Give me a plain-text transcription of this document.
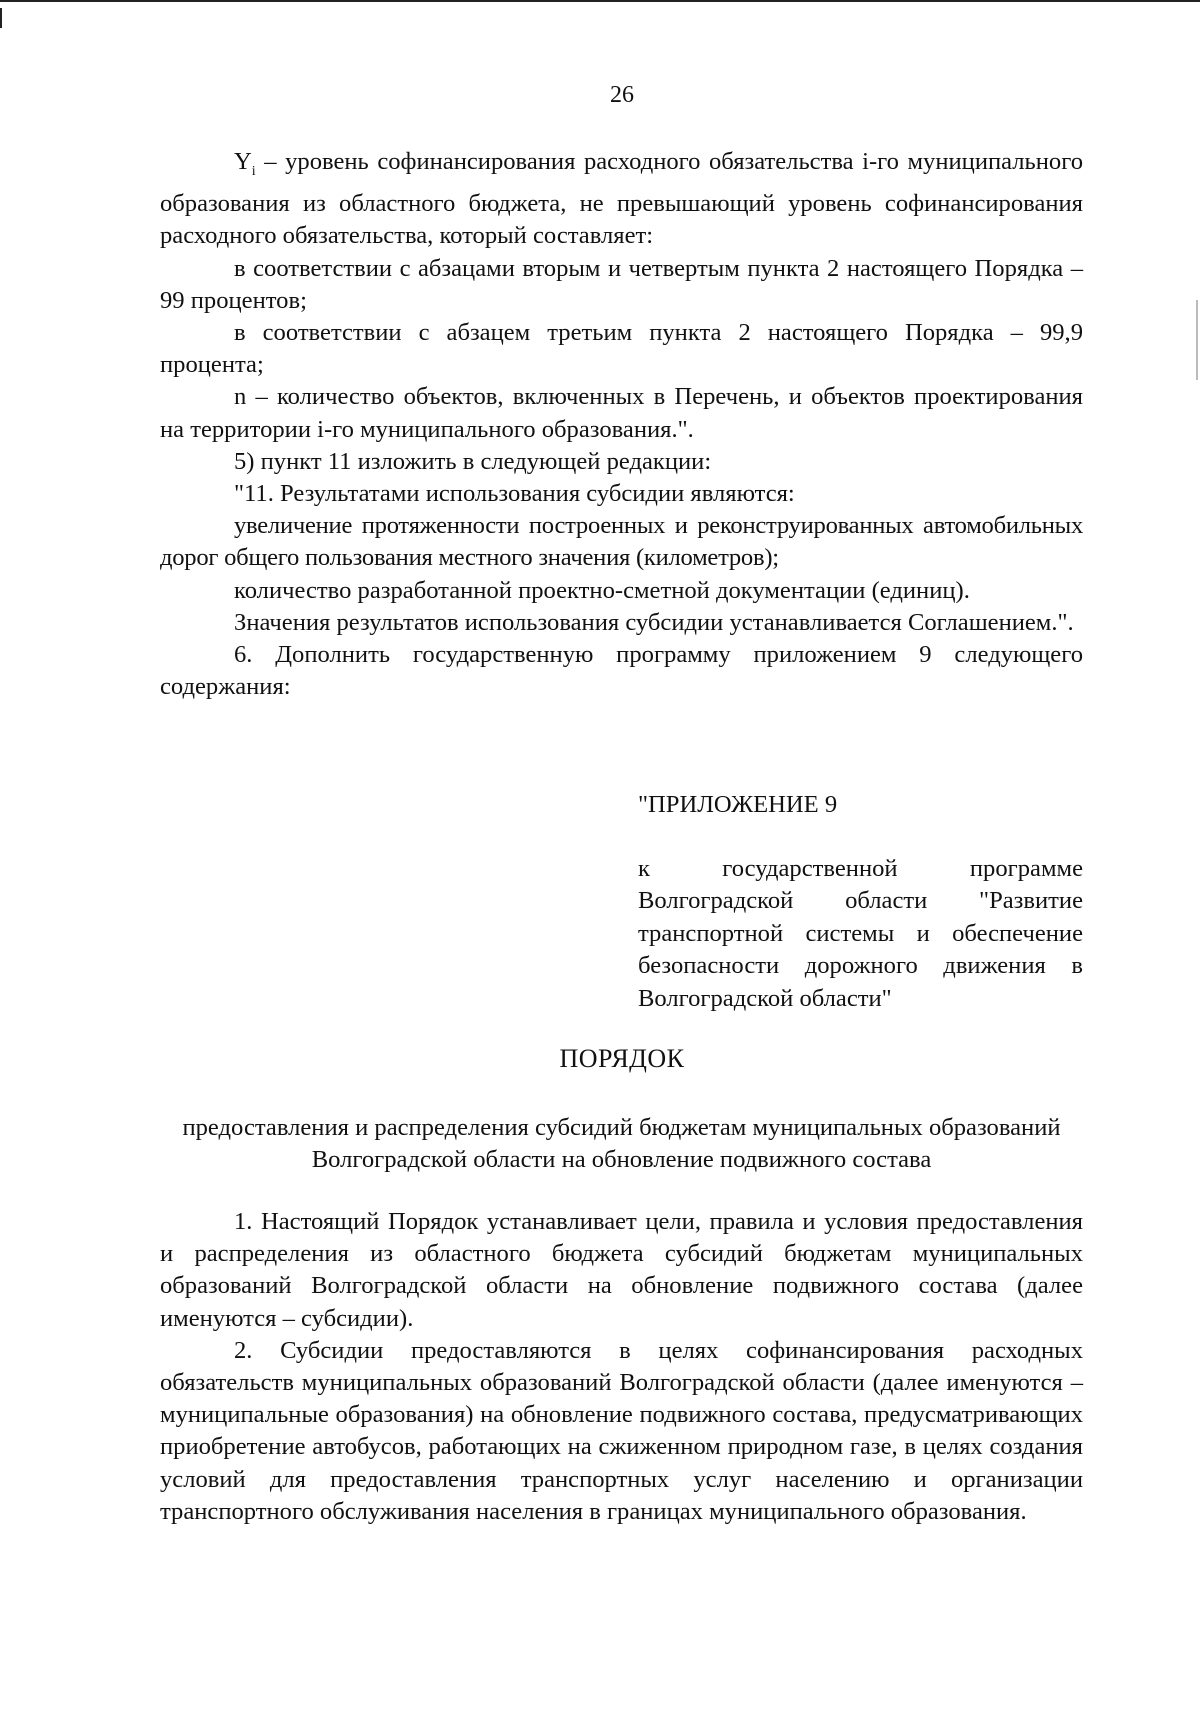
26

$Y_i$ – уровень софинансирования расходного обязательства i-го муниципального образования из областного бюджета, не превышающий уровень софинансирования расходного обязательства, который составляет:

в соответствии с абзацами вторым и четвертым пункта 2 настоящего Порядка – 99 процентов;

в соответствии с абзацем третьим пункта 2 настоящего Порядка – 99,9 процента;

n – количество объектов, включенных в Перечень, и объектов проектирования на территории i-го муниципального образования.".

5) пункт 11 изложить в следующей редакции:

"11. Результатами использования субсидии являются:

увеличение протяженности построенных и реконструированных автомобильных дорог общего пользования местного значения (километров);

количество разработанной проектно-сметной документации (единиц).

Значения результатов использования субсидии устанавливается Соглашением.".

6. Дополнить государственную программу приложением 9 следующего содержания:

"ПРИЛОЖЕНИЕ 9
к государственной программе Волгоградской области "Развитие транспортной системы и обеспечение безопасности дорожного движения в Волгоградской области"
ПОРЯДОК
предоставления и распределения субсидий бюджетам муниципальных образований Волгоградской области на обновление подвижного состава

1. Настоящий Порядок устанавливает цели, правила и условия предоставления и распределения из областного бюджета субсидий бюджетам муниципальных образований Волгоградской области на обновление подвижного состава (далее именуются – субсидии).

2. Субсидии предоставляются в целях софинансирования расходных обязательств муниципальных образований Волгоградской области (далее именуются – муниципальные образования) на обновление подвижного состава, предусматривающих приобретение автобусов, работающих на сжиженном природном газе, в целях создания условий для предоставления транспортных услуг населению и организации транспортного обслуживания населения в границах муниципального образования.
